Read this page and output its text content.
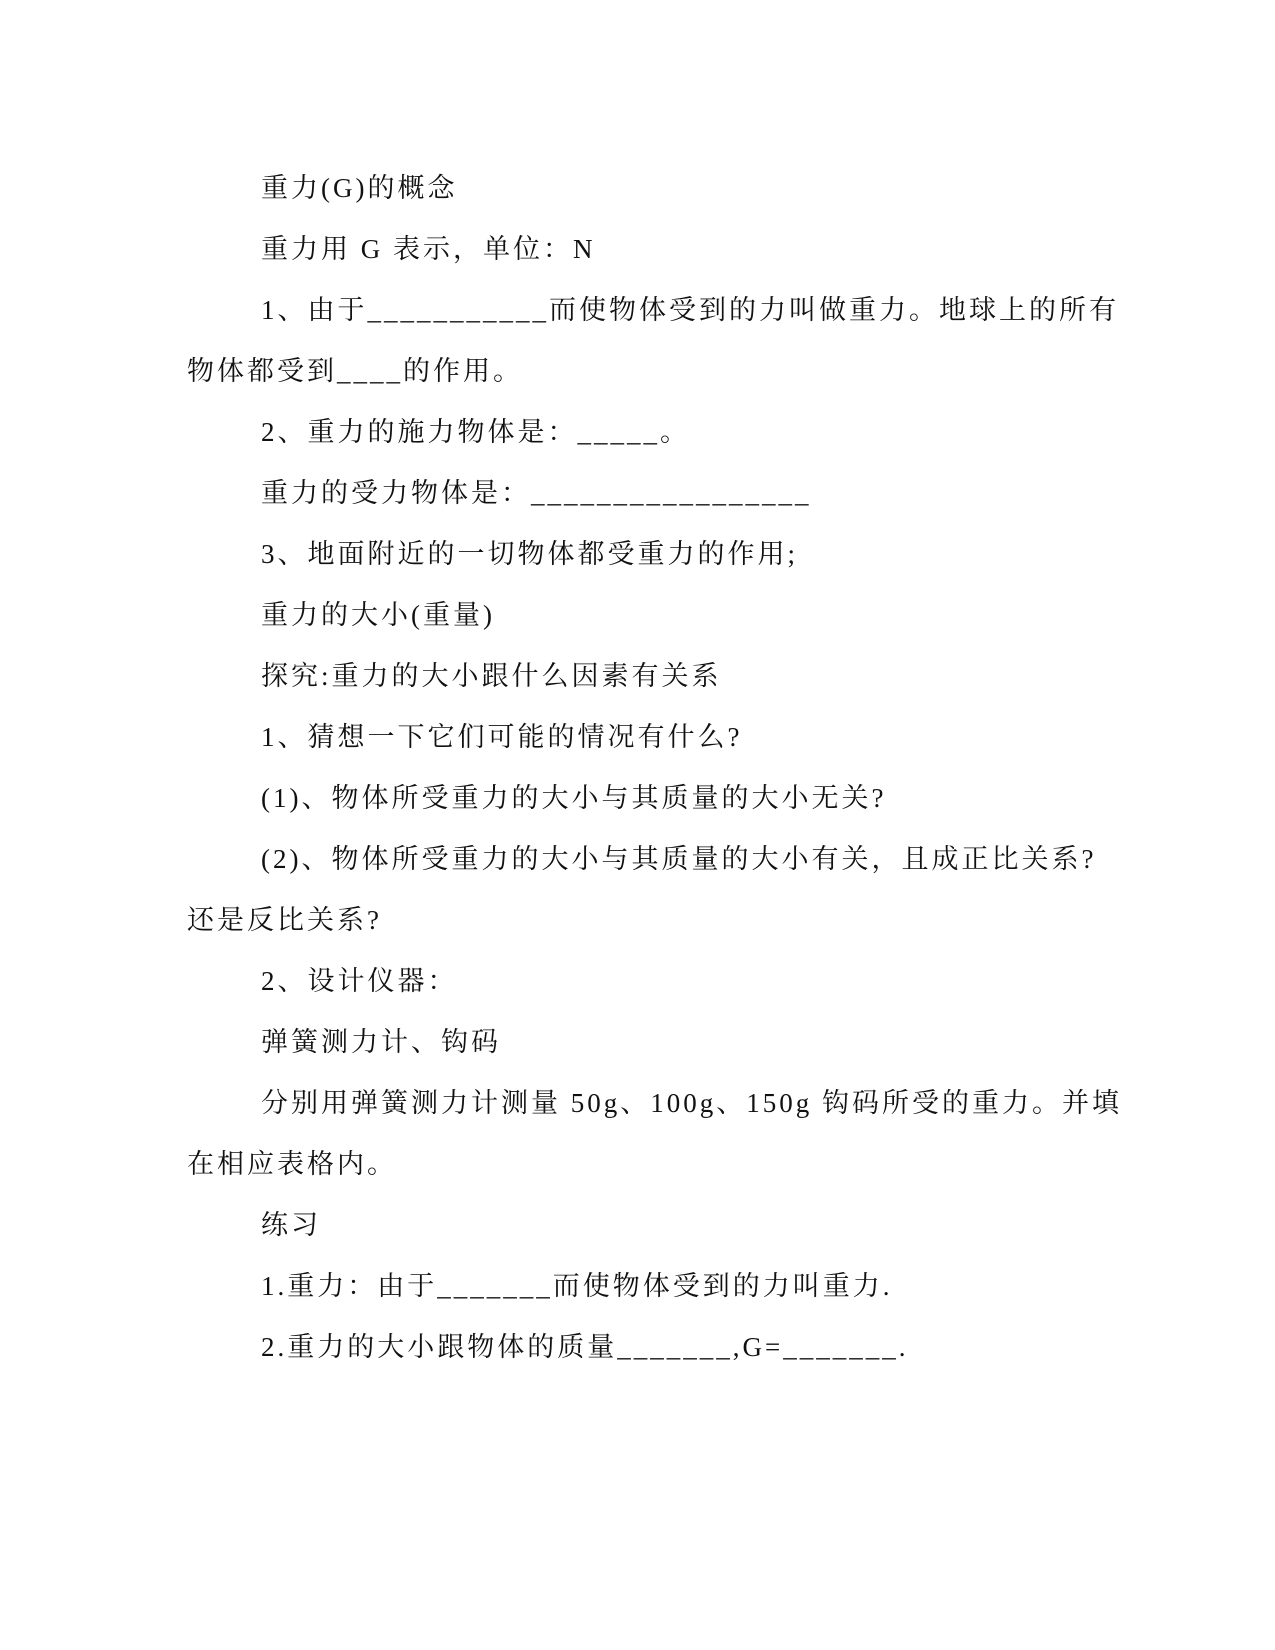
重力(G)的概念
重力用 G 表示，单位：N
1、由于___________而使物体受到的力叫做重力。地球上的所有
物体都受到____的作用。
2、重力的施力物体是：_____。
重力的受力物体是：_________________
3、地面附近的一切物体都受重力的作用;
重力的大小(重量)
探究:重力的大小跟什么因素有关系
1、猜想一下它们可能的情况有什么?
(1)、物体所受重力的大小与其质量的大小无关?
(2)、物体所受重力的大小与其质量的大小有关，且成正比关系?
还是反比关系?
2、设计仪器：
弹簧测力计、钩码
分别用弹簧测力计测量 50g、100g、150g 钩码所受的重力。并填
在相应表格内。
练习
1.重力：由于_______而使物体受到的力叫重力.
2.重力的大小跟物体的质量_______,G=_______.
